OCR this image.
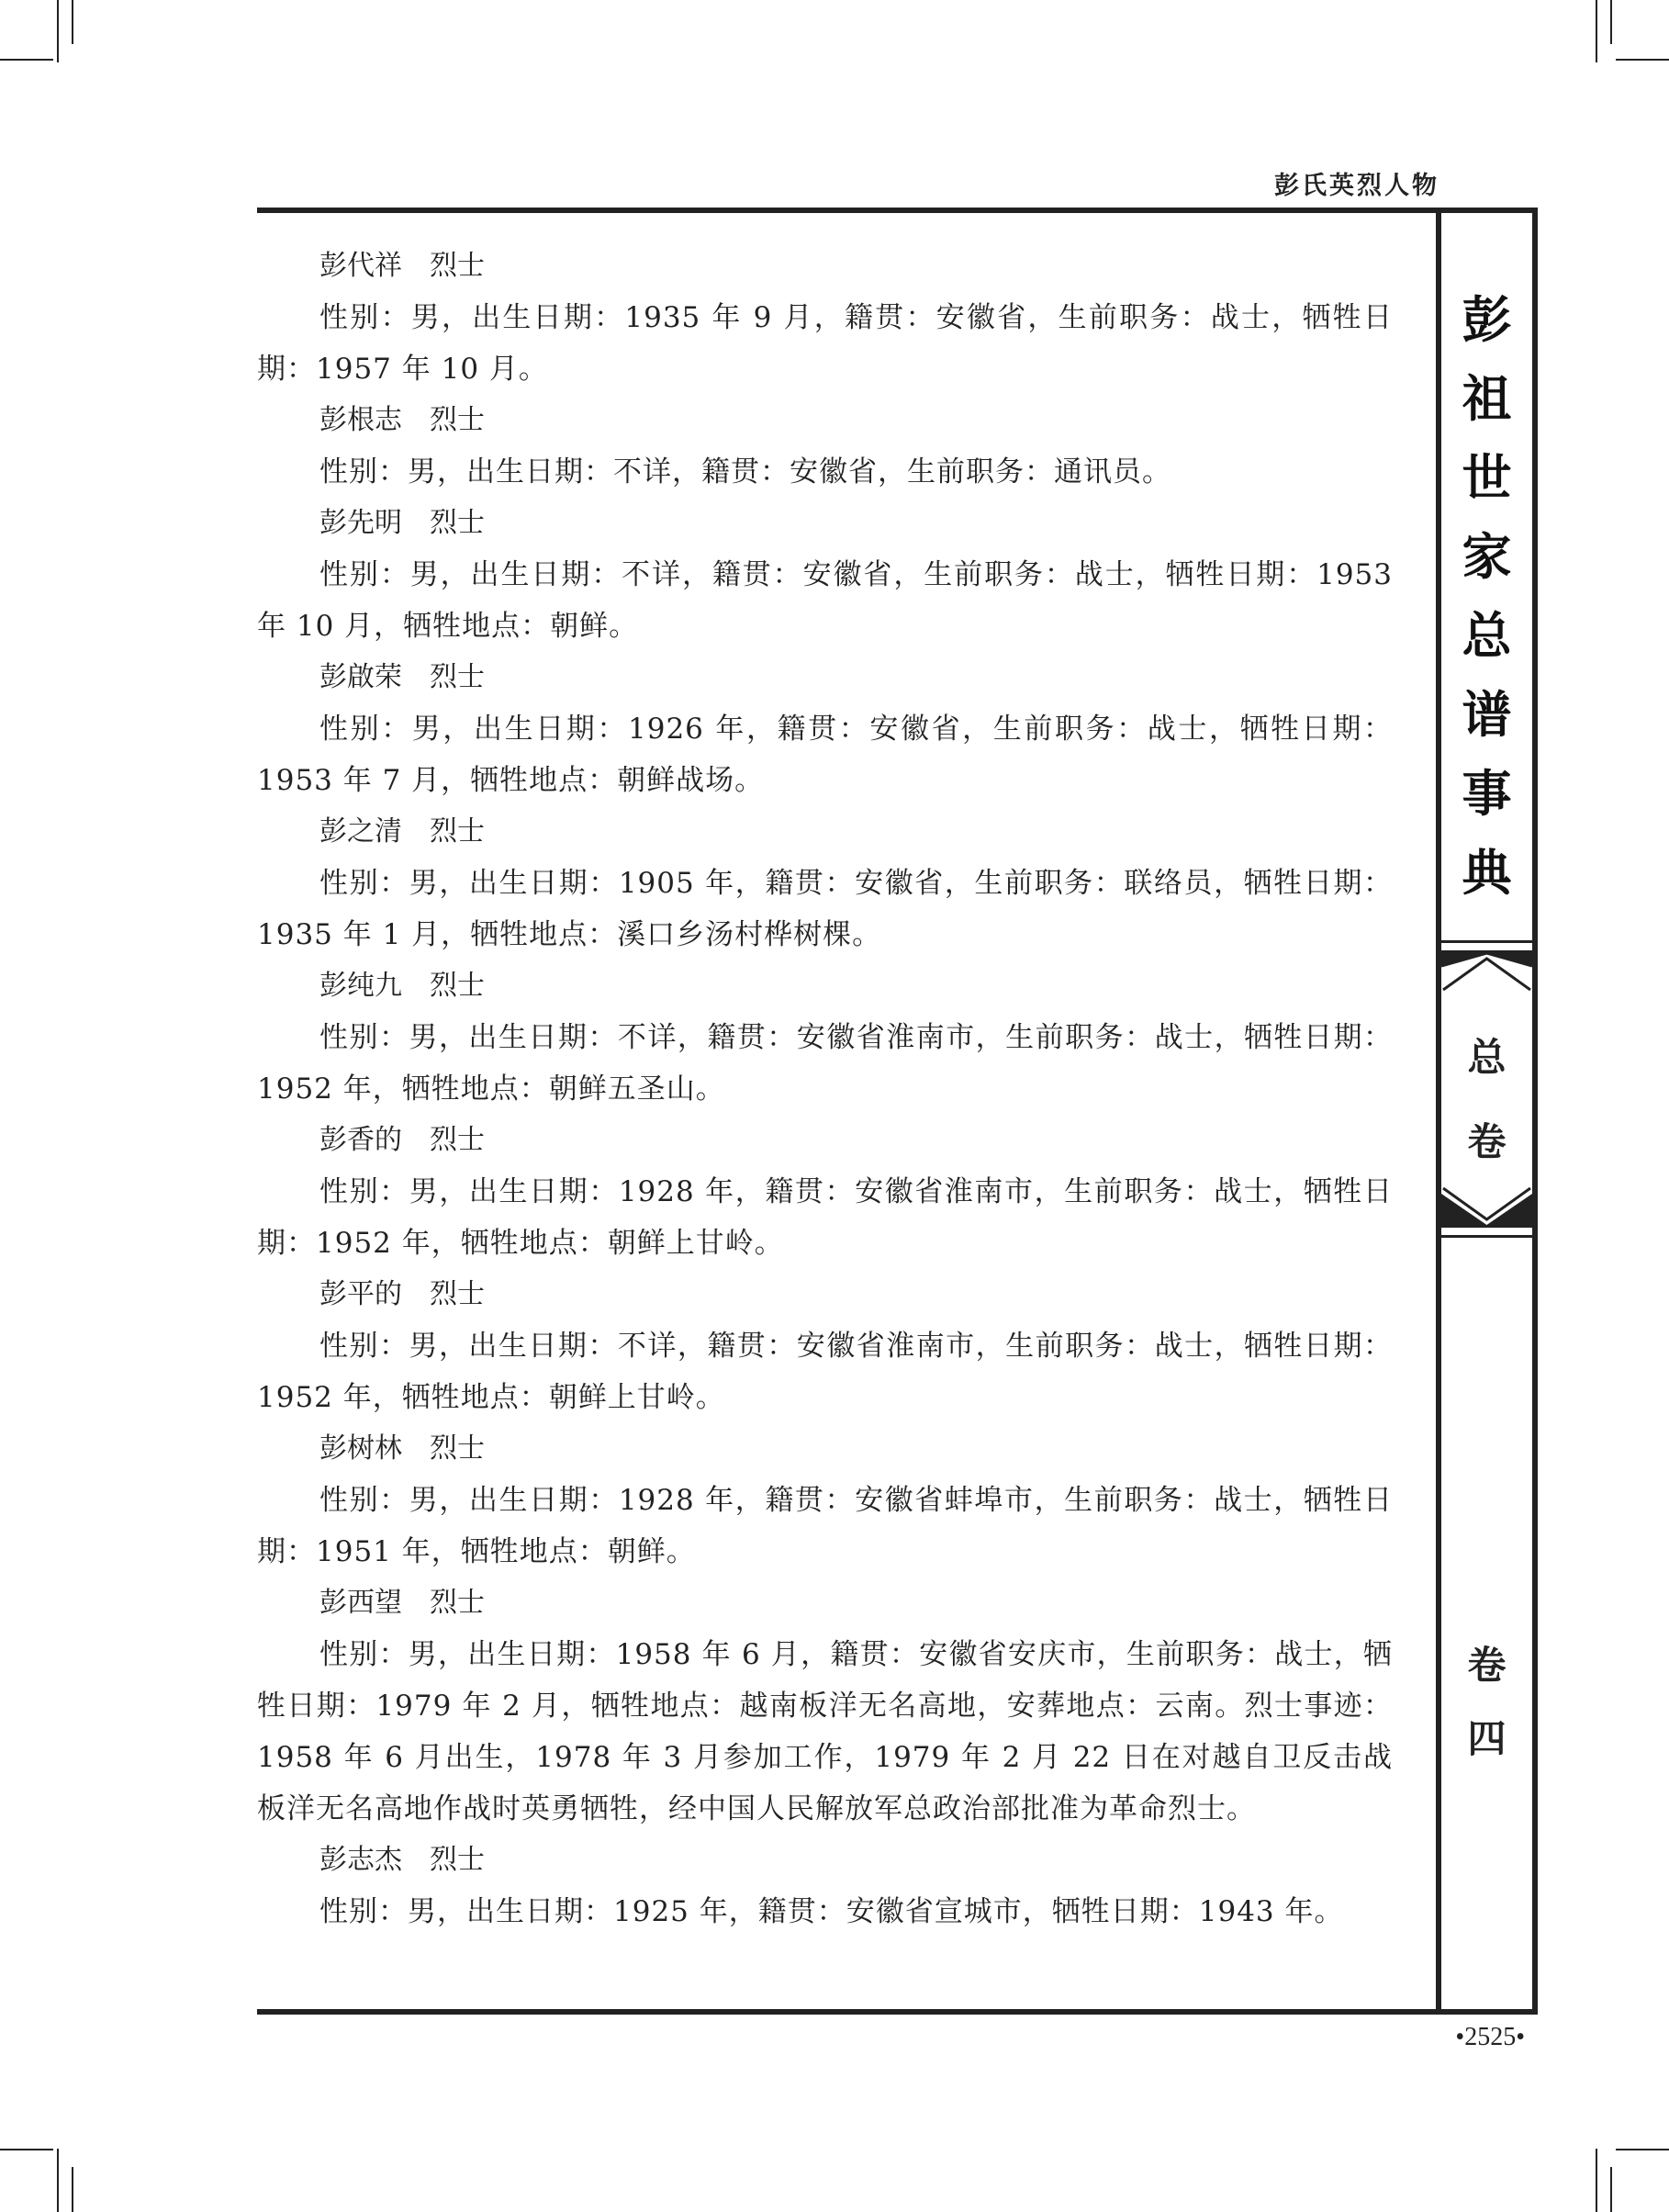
彭氏英烈人物

彭代祥　烈士

性别：男，出生日期：1935 年 9 月，籍贯：安徽省，生前职务：战士，牺牲日期：1957 年 10 月。

彭根志　烈士

性别：男，出生日期：不详，籍贯：安徽省，生前职务：通讯员。

彭先明　烈士

性别：男，出生日期：不详，籍贯：安徽省，生前职务：战士，牺牲日期：1953 年 10 月，牺牲地点：朝鲜。

彭啟荣　烈士

性别：男，出生日期：1926 年，籍贯：安徽省，生前职务：战士，牺牲日期：1953 年 7 月，牺牲地点：朝鲜战场。

彭之清　烈士

性别：男，出生日期：1905 年，籍贯：安徽省，生前职务：联络员，牺牲日期：1935 年 1 月，牺牲地点：溪口乡汤村桦树棵。

彭纯九　烈士

性别：男，出生日期：不详，籍贯：安徽省淮南市，生前职务：战士，牺牲日期：1952 年，牺牲地点：朝鲜五圣山。

彭香的　烈士

性别：男，出生日期：1928 年，籍贯：安徽省淮南市，生前职务：战士，牺牲日期：1952 年，牺牲地点：朝鲜上甘岭。

彭平的　烈士

性别：男，出生日期：不详，籍贯：安徽省淮南市，生前职务：战士，牺牲日期：1952 年，牺牲地点：朝鲜上甘岭。

彭树林　烈士

性别：男，出生日期：1928 年，籍贯：安徽省蚌埠市，生前职务：战士，牺牲日期：1951 年，牺牲地点：朝鲜。

彭西望　烈士

性别：男，出生日期：1958 年 6 月，籍贯：安徽省安庆市，生前职务：战士，牺牲日期：1979 年 2 月，牺牲地点：越南板洋无名高地，安葬地点：云南。烈士事迹：1958 年 6 月出生，1978 年 3 月参加工作，1979 年 2 月 22 日在对越自卫反击战板洋无名高地作战时英勇牺牲，经中国人民解放军总政治部批准为革命烈士。

彭志杰　烈士

性别：男，出生日期：1925 年，籍贯：安徽省宣城市，牺牲日期：1943 年。

彭
祖
世
家
总
谱
事
典
总
卷
卷
四
•2525•
